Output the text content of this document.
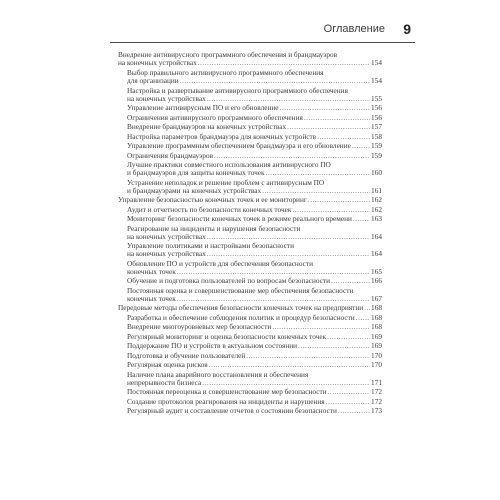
Оглавление 9
Внедрение антивирусного программного обеспечения и брандмауэров
на конечных устройствах .....	154
Выбор правильного антивирусного программного обеспечения
для организации .....	154
Настройка и развертывание антивирусного программного обеспечения
на конечных устройствах .....	155
Управление антивирусным ПО и его обновление .....	156
Ограничения антивирусного программного обеспечения .....	156
Внедрение брандмауэров на конечных устройствах .....	157
Настройка параметров брандмауэра для конечных устройств .....	158
Управление программным обеспечением брандмауэра и его обновление .....	159
Ограничения брандмауэров .....	159
Лучшие практики совместного использования антивирусного ПО
и брандмауэров для защиты конечных точек .....	160
Устранение неполадок и решение проблем с антивирусным ПО
и брандмауэрами на конечных устройствах .....	161
Управление безопасностью конечных точек и ее мониторинг .....	162
Аудит и отчетность по безопасности конечных точек .....	162
Мониторинг безопасности конечных точек в режиме реального времени .....	163
Реагирование на инциденты и нарушения безопасности
на конечных устройствах .....	164
Управление политиками и настройками безопасности
на конечных устройствах .....	164
Обновление ПО и устройств для обеспечения безопасности
конечных точек .....	165
Обучение и подготовка пользователей по вопросам безопасности .....	166
Постоянная оценка и совершенствование мер обеспечения безопасности
конечных точек .....	167
Передовые методы обеспечения безопасности конечных точек на предприятии ..... 168
Разработка и обеспечение соблюдения политик и процедур безопасности ..... 168
Внедрение многоуровневых мер безопасности .....	168
Регулярный мониторинг и оценка безопасности конечных точек .....	169
Поддержание ПО и устройств в актуальном состоянии .....	169
Подготовка и обучение пользователей .....	170
Регулярная оценка рисков .....	170
Наличие плана аварийного восстановления и обеспечения
непрерывности бизнеса .....	171
Постоянная переоценка и совершенствование мер безопасности .....	172
Создание протоколов реагирования на инциденты и нарушения .....	172
Регулярный аудит и составление отчетов о состоянии безопасности .....	173
